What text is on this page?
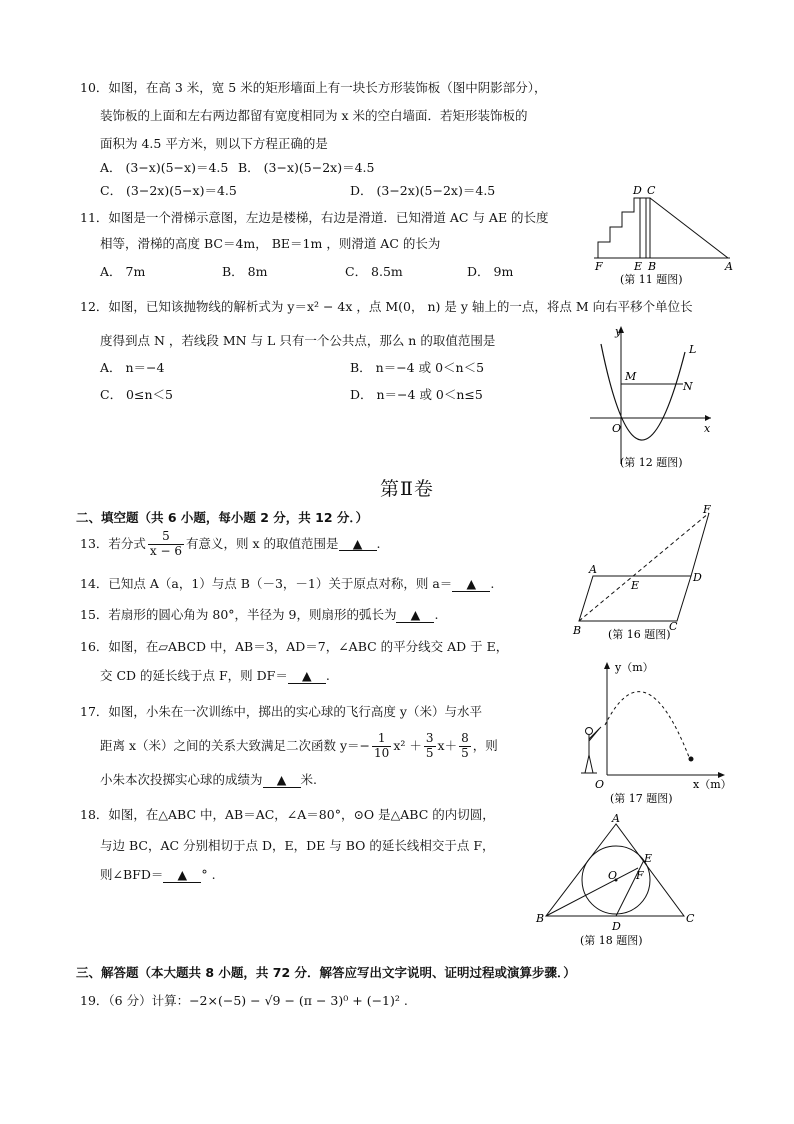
10．如图，在高 3 米，宽 5 米的矩形墙面上有一块长方形装饰板（图中阴影部分），
装饰板的上面和左右两边都留有宽度相同为 x 米的空白墙面．若矩形装饰板的
面积为 4.5 平方米，则以下方程正确的是
A． (3−x)(5−x)＝4.5 B． (3−x)(5−2x)＝4.5
C． (3−2x)(5−x)＝4.5	D． (3−2x)(5−2x)＝4.5
11．如图是一个滑梯示意图，左边是楼梯，右边是滑道．已知滑道 AC 与 AE 的长度
相等，滑梯的高度 BC＝4m， BE＝1m ，则滑道 AC 的长为
A． 7m	B． 8m	C． 8.5m	D． 9m
D C
F	E B	A
(第 11 题图)
12．如图，已知该抛物线的解析式为 y＝x² − 4x ，点 M(0， n) 是 y 轴上的一点，将点 M 向右平移个单位长
度得到点 N ，若线段 MN 与 L 只有一个公共点，那么 n 的取值范围是
A． n＝−4	B． n＝−4 或 0＜n＜5
C． 0≤n＜5	D． n＝−4 或 0＜n≤5
y
L
M
N
O	x
(第 12 题图)
第Ⅱ卷
二、填空题（共 6 小题，每小题 2 分，共 12 分．）
13．若分式 $\frac{5}{x - 6}$ 有意义，则 x 的取值范围是	▲	.
14．已知点 A（a，1）与点 B（－3，－1）关于原点对称，则 a＝ ▲ .
15．若扇形的圆心角为 80°，半径为 9，则扇形的弧长为 ▲ .
16．如图，在▱ABCD 中，AB＝3，AD＝7，∠ABC 的平分线交 AD 于 E，
交 CD 的延长线于点 F，则 DF＝ ▲ .
F
A
E
D
B	C
(第 16 题图)
17．如图，小朱在一次训练中，掷出的实心球的飞行高度 y（米）与水平
距离 x（米）之间的关系大致满足二次函数 $y=- \frac{1}{10} x^2 + \frac{3}{5} x+ \frac{8}{5}$ ，则
小朱本次投掷实心球的成绩为 ▲ 米.
y（m）
O	x（m）
(第 17 题图)
18．如图，在△ABC 中，AB＝AC，∠A＝80°，⊙O 是△ABC 的内切圆，
与边 BC，AC 分别相切于点 D，E，DE 与 BO 的延长线相交于点 F，
则∠BFD＝ ▲ ° .
A
E
O F
B
D
C
(第 18 题图)
三、解答题（本大题共 8 小题，共 72 分．解答应写出文字说明、证明过程或演算步骤．）
19．（6 分）计算：−2×(−5) − √9 − (π − 3)⁰ + (−1)² .
